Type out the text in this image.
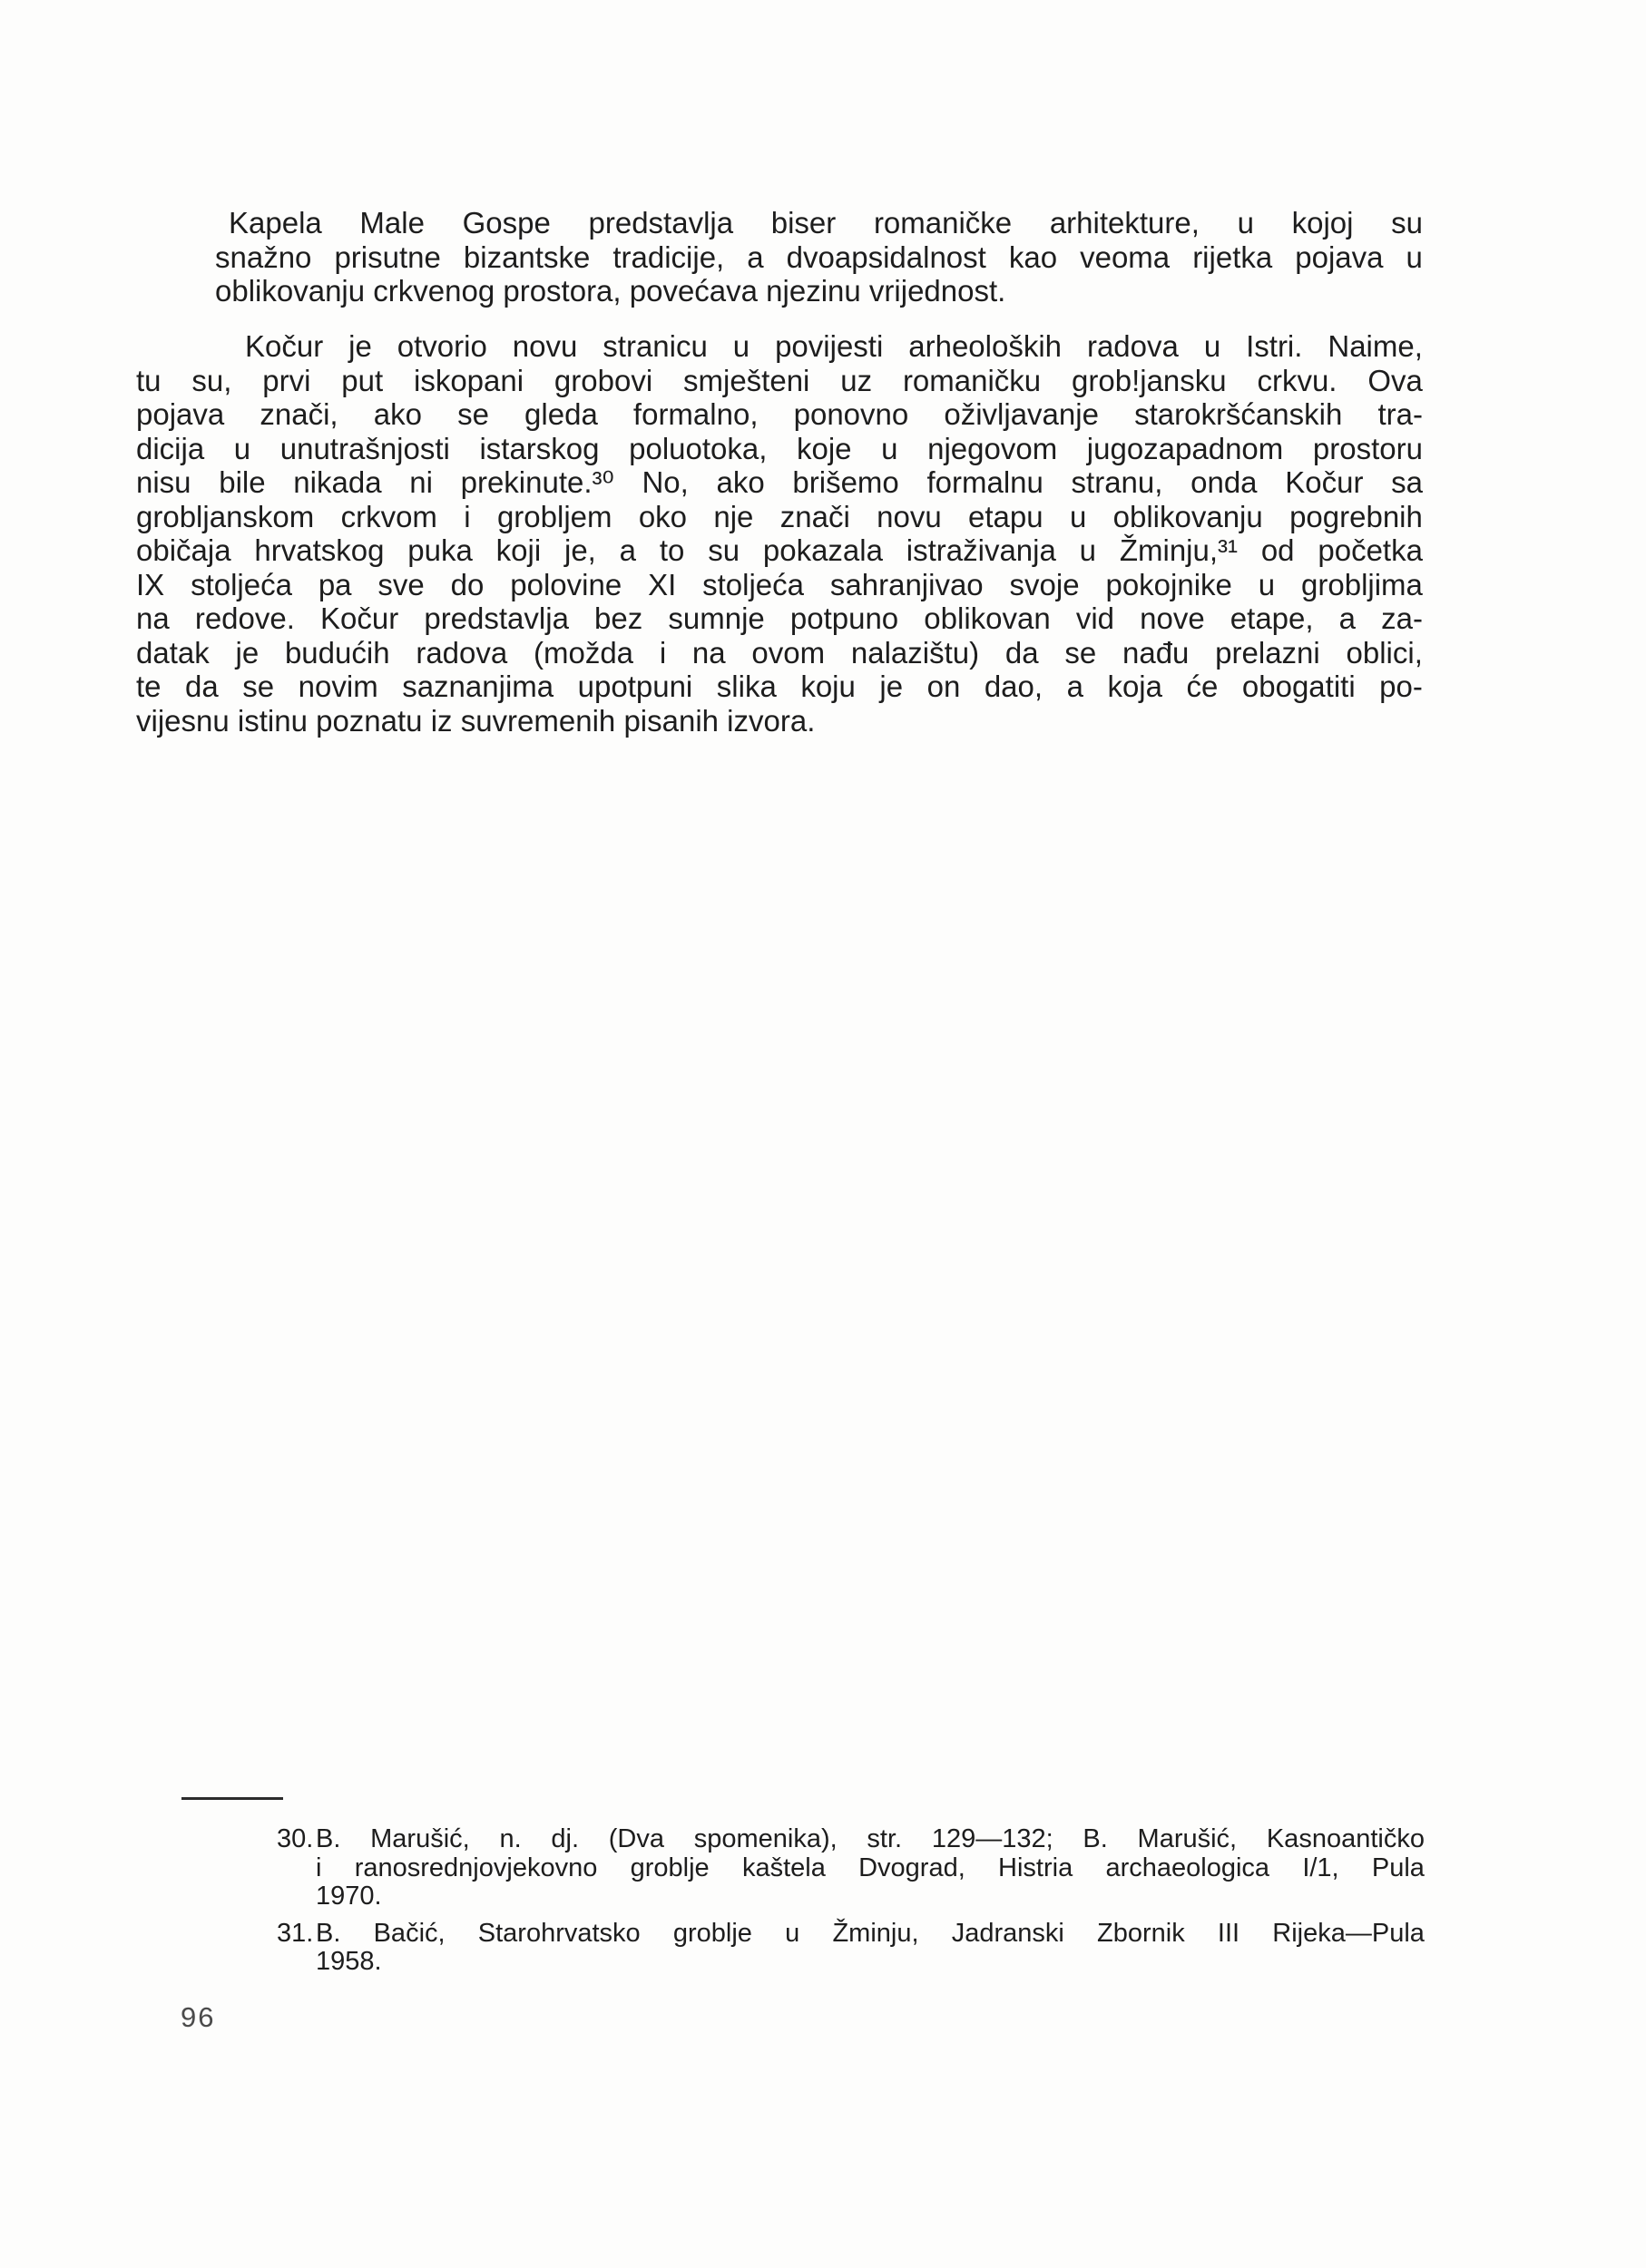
Kapela Male Gospe predstavlja biser romaničke arhitekture, u kojoj su
snažno prisutne bizantske tradicije, a dvoapsidalnost kao veoma rijetka pojava u
oblikovanju crkvenog prostora, povećava njezinu vrijednost.
Kočur je otvorio novu stranicu u povijesti arheoloških radova u Istri. Naime,
tu su, prvi put iskopani grobovi smješteni uz romaničku grob!jansku crkvu. Ova
pojava znači, ako se gleda formalno, ponovno oživljavanje starokršćanskih tra-
dicija u unutrašnjosti istarskog poluotoka, koje u njegovom jugozapadnom prostoru
nisu bile nikada ni prekinute.³⁰ No, ako brišemo formalnu stranu, onda Kočur sa
grobljanskom crkvom i grobljem oko nje znači novu etapu u oblikovanju pogrebnih
običaja hrvatskog puka koji je, a to su pokazala istraživanja u Žminju,³¹ od početka
IX stoljeća pa sve do polovine XI stoljeća sahranjivao svoje pokojnike u grobljima
na redove. Kočur predstavlja bez sumnje potpuno oblikovan vid nove etape, a za-
datak je budućih radova (možda i na ovom nalazištu) da se nađu prelazni oblici,
te da se novim saznanjima upotpuni slika koju je on dao, a koja će obogatiti po-
vijesnu istinu poznatu iz suvremenih pisanih izvora.
30. B. Marušić, n. dj. (Dva spomenika), str. 129—132; B. Marušić, Kasnoantičko
i ranosrednjovjekovno groblje kaštela Dvograd, Histria archaeologica I/1, Pula
1970.
31. B. Bačić, Starohrvatsko groblje u Žminju, Jadranski Zbornik III Rijeka—Pula
1958.
96
